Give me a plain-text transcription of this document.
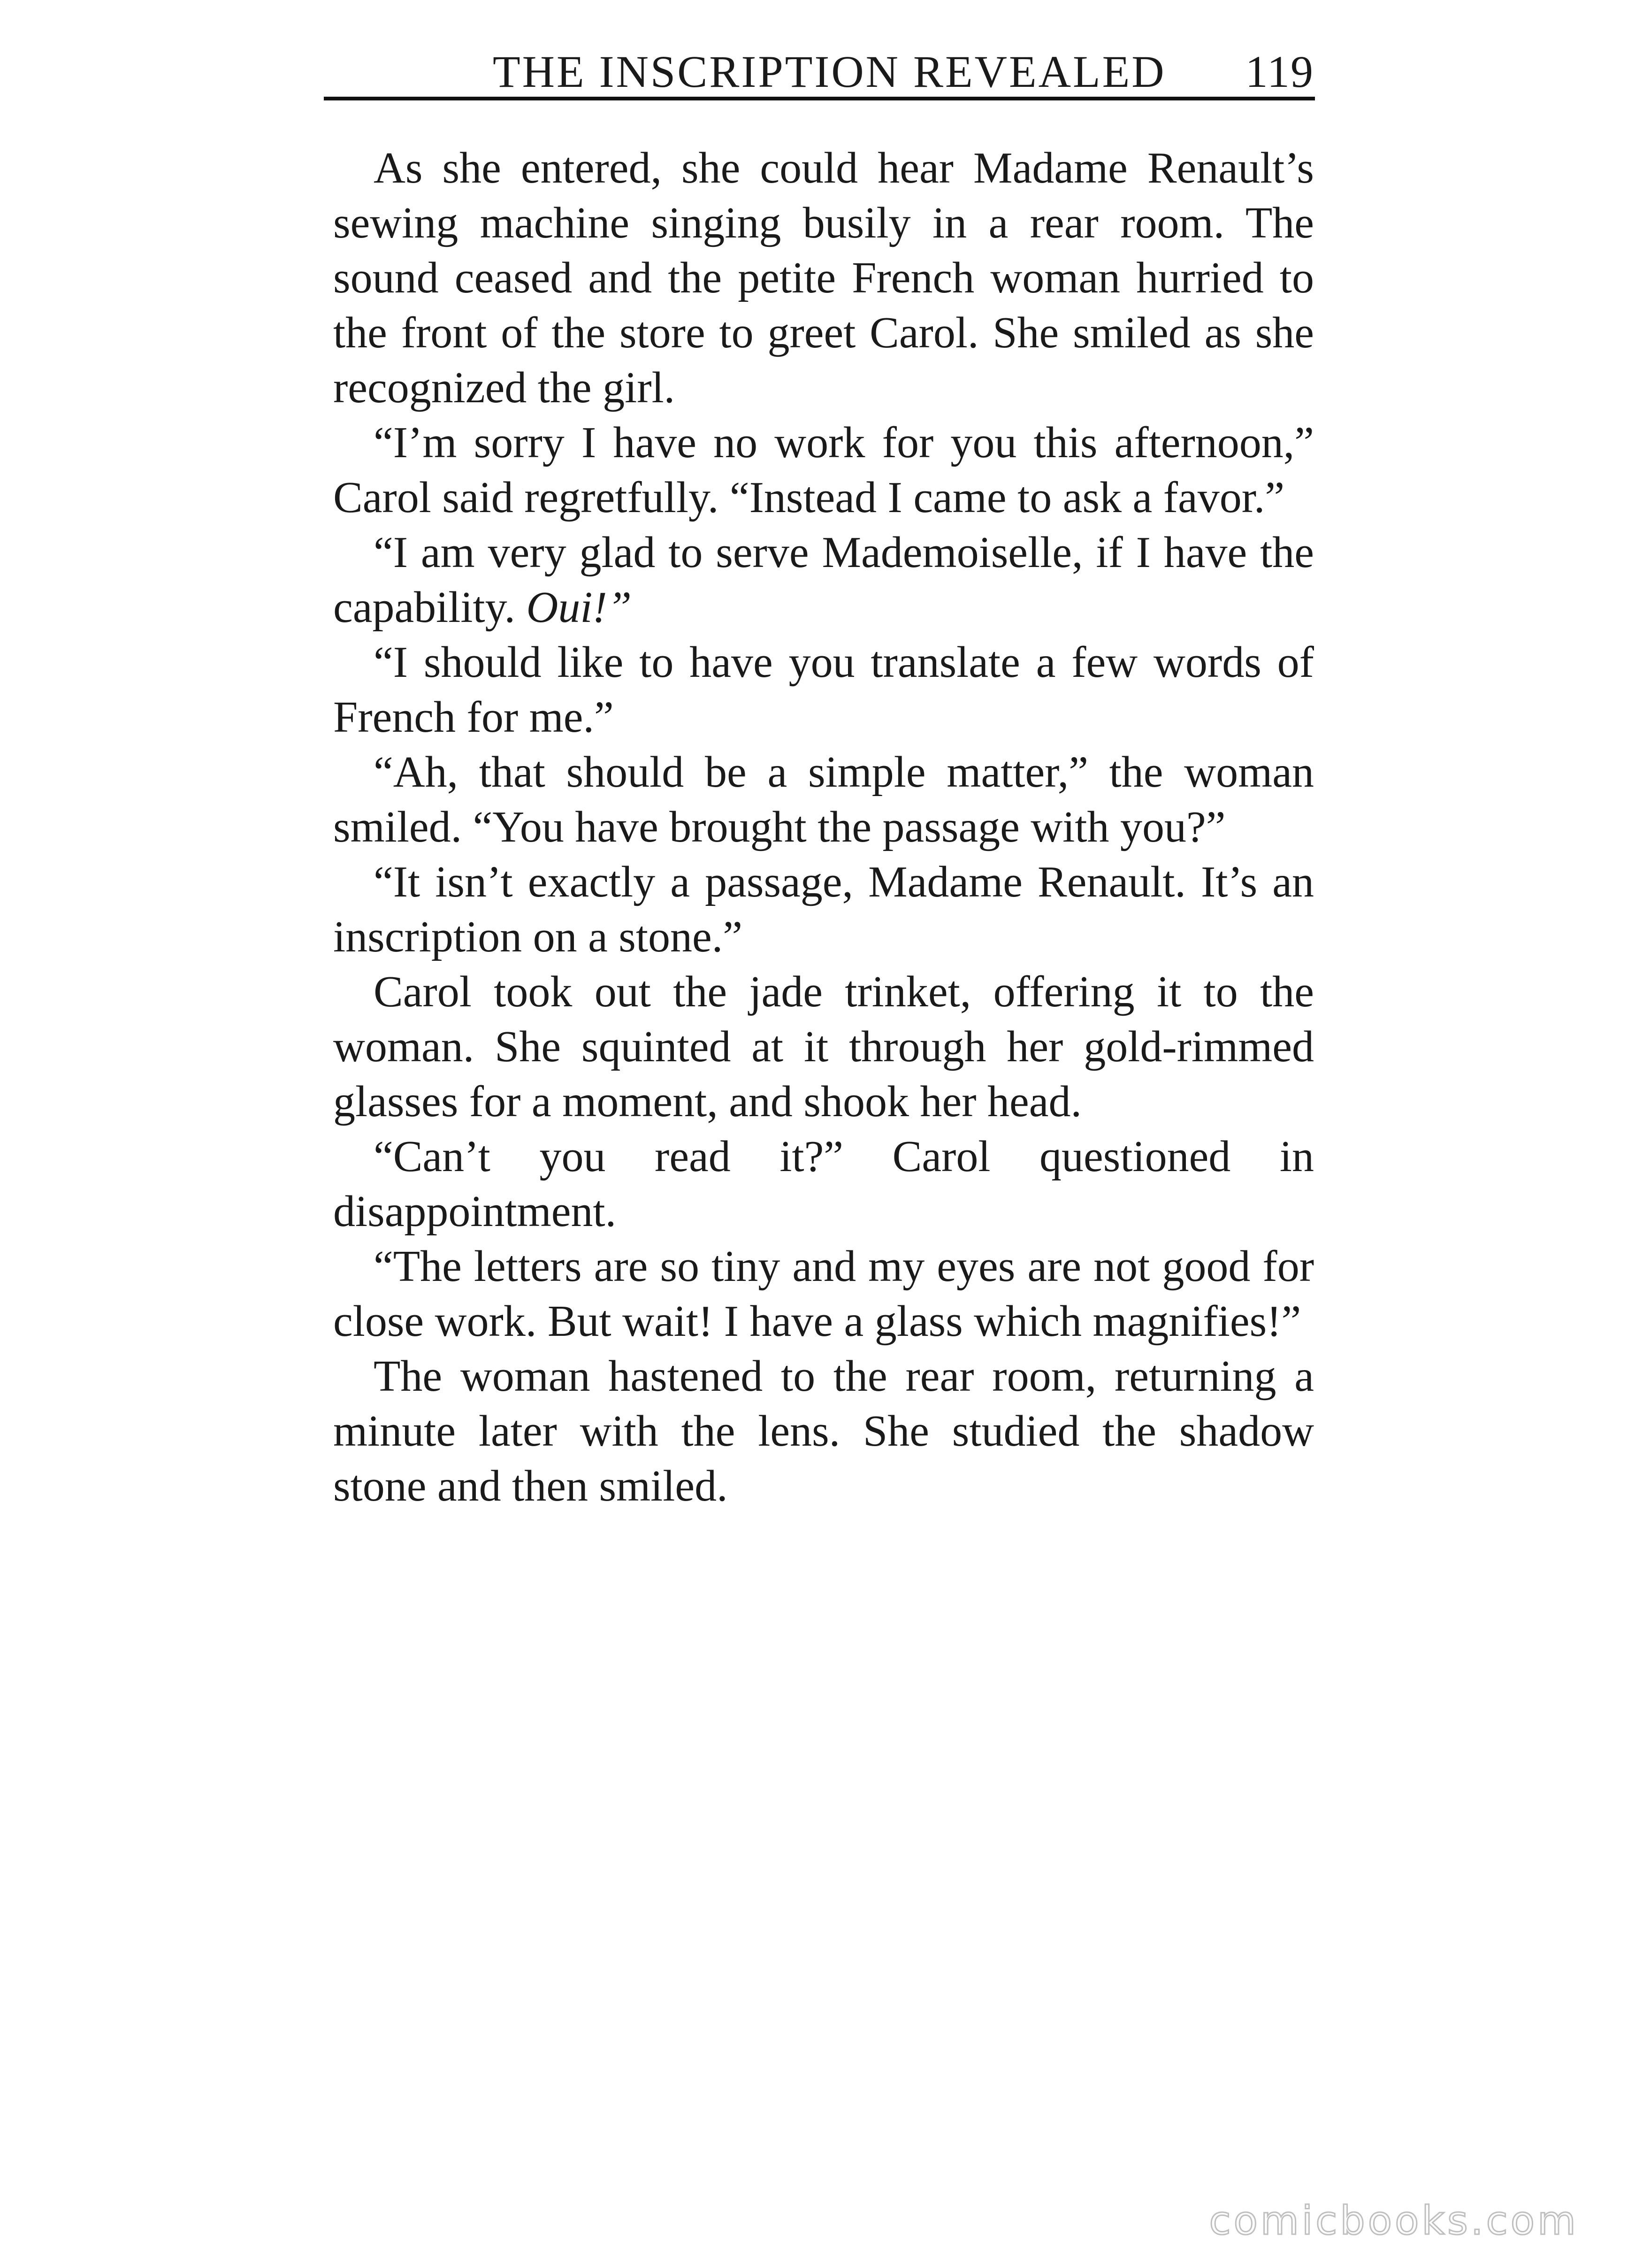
THE INSCRIPTION REVEALED 119

As she entered, she could hear Madame Renault’s sewing machine singing busily in a rear room. The sound ceased and the petite French woman hurried to the front of the store to greet Carol. She smiled as she recognized the girl.

“I’m sorry I have no work for you this afternoon,” Carol said regretfully. “Instead I came to ask a favor.”

“I am very glad to serve Mademoiselle, if I have the capability. Oui!”

“I should like to have you translate a few words of French for me.”

“Ah, that should be a simple matter,” the woman smiled. “You have brought the passage with you?”

“It isn’t exactly a passage, Madame Renault. It’s an inscription on a stone.”

Carol took out the jade trinket, offering it to the woman. She squinted at it through her gold-rimmed glasses for a moment, and shook her head.

“Can’t you read it?” Carol questioned in disappointment.

“The letters are so tiny and my eyes are not good for close work. But wait! I have a glass which magnifies!”

The woman hastened to the rear room, returning a minute later with the lens. She studied the shadow stone and then smiled.

comicbooks.com
